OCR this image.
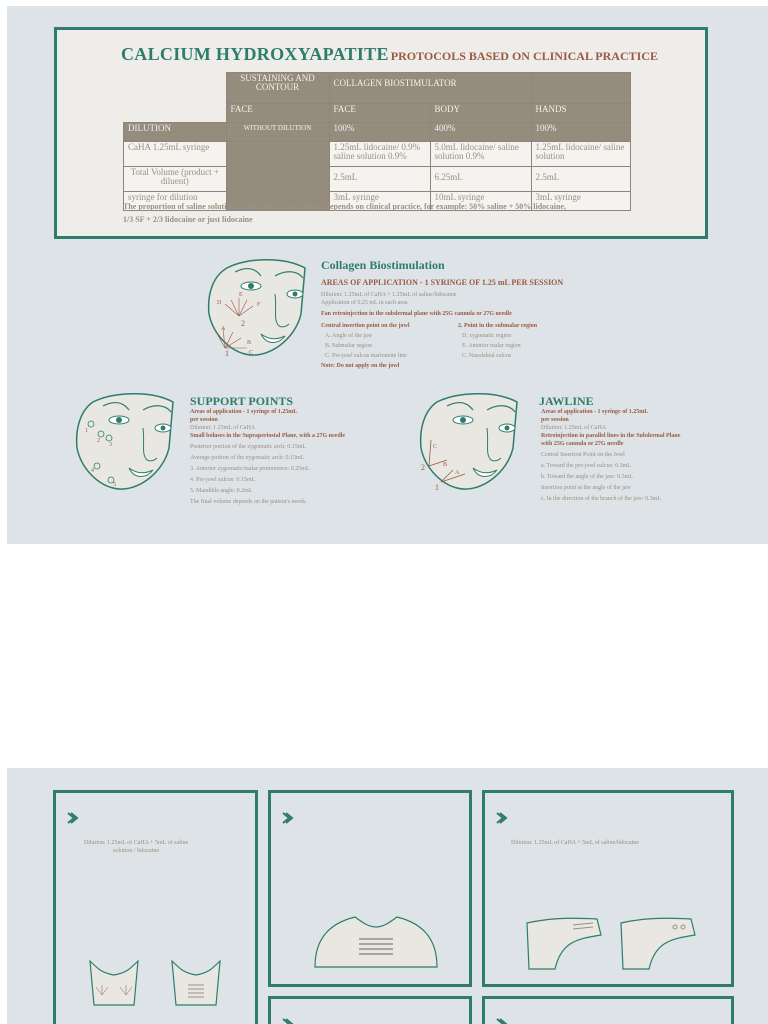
CALCIUM HYDROXYAPATITE PROTOCOLS BASED ON CLINICAL PRACTICE
	SUSTAINING AND CONTOUR	COLLAGEN BIOSTIMULATOR		
	FACE	FACE	BODY	HANDS
DILUTION	WITHOUT DILUTION	100%	400%	100%
CaHA 1.25mL syringe		1.25mL lidocaine/ 0.9% saline solution 0.9%	5.0mL lidocaine/ saline solution 0.9%	1.25mL lidocaine/ saline solution
Total Volume (product + diluent)		2.5mL	6.25mL	2.5mL
syringe for dilution		3mL syringe	10mL syringe	3mL syringe
The proportion of saline solution to lidocaine in the diluent depends on clinical practice, for example: 50% saline + 50% lidocaine,
1/3 SF + 2/3 lidocaine or just lidocaine
D
E
F
A
B
C
2
1
Collagen Biostimulation
AREAS OF APPLICATION - 1 SYRINGE OF 1.25 mL PER SESSION
Dilution: 1.25mL of CaHA + 1.25mL of saline/lidocaine
Application of 0.25 mL in each area
Fan retroinjection in the subdermal plane with 25G cannula or 27G needle
Central insertion point on the jowl
A. Angle of the jaw
B. Submalar region
C. Pre-jowl sulcus marionette line
Note: Do not apply on the jowl
2. Point in the submalar region
D. zygomatic region
E. Anterior malar region
C. Nasolabial sulcus
1
2
3
4
5
SUPPORT POINTS
Areas of application - 1 syringe of 1.25mL
per session
Dilution: 1.25mL of CaHA
Small boluses in the Supraperiostal Plane, with a 27G needle
Posterior portion of the zygomatic arch: 0.15mL
Average portion of the zygomatic arch: 0.15mL
3. Anterior zygomatic/malar prominence: 0.25mL
4. Pre-jowl sulcus: 0.15mL
5. Mandible angle: 0.2mL
The final volume depends on the patient's needs.
C
B
A
2
1
JAWLINE
Areas of application - 1 syringe of 1.25mL
per session
Dilution: 1.25mL of CaHA
Retroinjection in parallel lines in the Subdermal Plane
with 25G cannula or 27G needle
Central Insertion Point on the Jowl
a. Toward the pre-jowl sulcus: 0.3mL
b. Toward the angle of the jaw: 0.3mL
Insertion point at the angle of the jaw
c. In the direction of the branch of the jaw: 0.3mL
Dilution: 1.25mL of CaHA + 5mL of saline solution / lidocaine
Dilution: 1.25mL of CaHA + 5mL of saline/lidocaine
